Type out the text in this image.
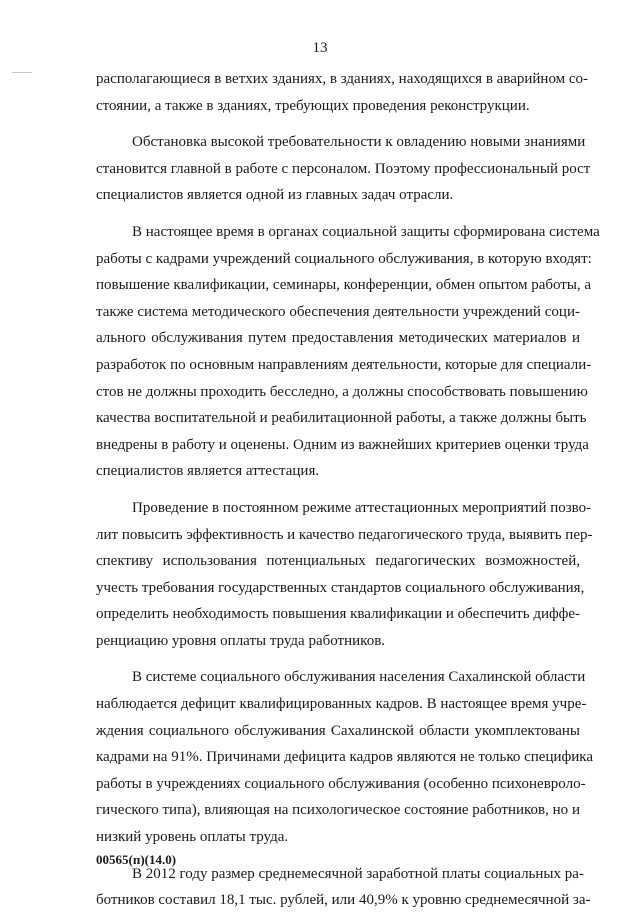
13
располагающиеся в ветхих зданиях, в зданиях, находящихся в аварийном со-
стоянии, а также в зданиях, требующих проведения реконструкции.
Обстановка высокой требовательности к овладению новыми знаниями
становится главной в работе с персоналом. Поэтому профессиональный рост
специалистов является одной из главных задач отрасли.
В настоящее время в органах социальной защиты сформирована система
работы с кадрами учреждений социального обслуживания, в которую входят:
повышение квалификации, семинары, конференции, обмен опытом работы, а
также система методического обеспечения деятельности учреждений соци-
ального обслуживания путем предоставления методических материалов и
разработок по основным направлениям деятельности, которые для специали-
стов не должны проходить бесследно, а должны способствовать повышению
качества воспитательной и реабилитационной работы, а также должны быть
внедрены в работу и оценены. Одним из важнейших критериев оценки труда
специалистов является аттестация.
Проведение в постоянном режиме аттестационных мероприятий позво-
лит повысить эффективность и качество педагогического труда, выявить пер-
спективу использования потенциальных педагогических возможностей,
учесть требования государственных стандартов социального обслуживания,
определить необходимость повышения квалификации и обеспечить диффе-
ренциацию уровня оплаты труда работников.
В системе социального обслуживания населения Сахалинской области
наблюдается дефицит квалифицированных кадров. В настоящее время учре-
ждения социального обслуживания Сахалинской области укомплектованы
кадрами на 91%. Причинами дефицита кадров являются не только специфика
работы в учреждениях социального обслуживания (особенно психоневроло-
гического типа), влияющая на психологическое состояние работников, но и
низкий уровень оплаты труда.
В 2012 году размер среднемесячной заработной платы социальных ра-
ботников составил 18,1 тыс. рублей, или 40,9% к уровню среднемесячной за-
00565(п)(14.0)
